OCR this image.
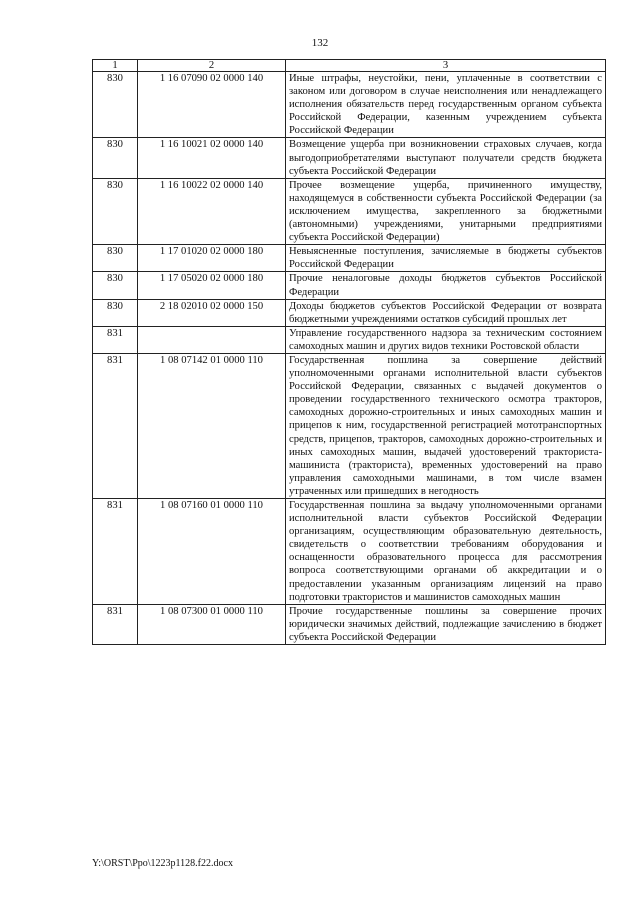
132
1	2	3
830	1 16 07090 02 0000 140	Иные штрафы, неустойки, пени, уплаченные в соответствии с законом или договором в случае неисполнения или ненадлежащего исполнения обязательств перед государственным органом субъекта Российской Федерации, казенным учреждением субъекта Российской Федерации
830	1 16 10021 02 0000 140	Возмещение ущерба при возникновении страховых случаев, когда выгодоприобретателями выступают получатели средств бюджета субъекта Российской Федерации
830	1 16 10022 02 0000 140	Прочее возмещение ущерба, причиненного имуществу, находящемуся в собственности субъекта Российской Федерации (за исключением имущества, закрепленного за бюджетными (автономными) учреждениями, унитарными предприятиями субъекта Российской Федерации)
830	1 17 01020 02 0000 180	Невыясненные поступления, зачисляемые в бюджеты субъектов Российской Федерации
830	1 17 05020 02 0000 180	Прочие неналоговые доходы бюджетов субъектов Российской Федерации
830	2 18 02010 02 0000 150	Доходы бюджетов субъектов Российской Федерации от возврата бюджетными учреждениями остатков субсидий прошлых лет
831		Управление государственного надзора за техническим состоянием самоходных машин и других видов техники Ростовской области
831	1 08 07142 01 0000 110	Государственная пошлина за совершение действий уполномоченными органами исполнительной власти субъектов Российской Федерации, связанных с выдачей документов о проведении государственного технического осмотра тракторов, самоходных дорожно-строительных и иных самоходных машин и прицепов к ним, государственной регистрацией мототранспортных средств, прицепов, тракторов, самоходных дорожно-строительных и иных самоходных машин, выдачей удостоверений тракториста-машиниста (тракториста), временных удостоверений на право управления самоходными машинами, в том числе взамен утраченных или пришедших в негодность
831	1 08 07160 01 0000 110	Государственная пошлина за выдачу уполномоченными органами исполнительной власти субъектов Российской Федерации организациям, осуществляющим образовательную деятельность, свидетельств о соответствии требованиям оборудования и оснащенности образовательного процесса для рассмотрения вопроса соответствующими органами об аккредитации и о предоставлении указанным организациям лицензий на право подготовки трактористов и машинистов самоходных машин
831	1 08 07300 01 0000 110	Прочие государственные пошлины за совершение прочих юридически значимых действий, подлежащие зачислению в бюджет субъекта Российской Федерации
Y:\ORST\Ppo\1223p1128.f22.docx
